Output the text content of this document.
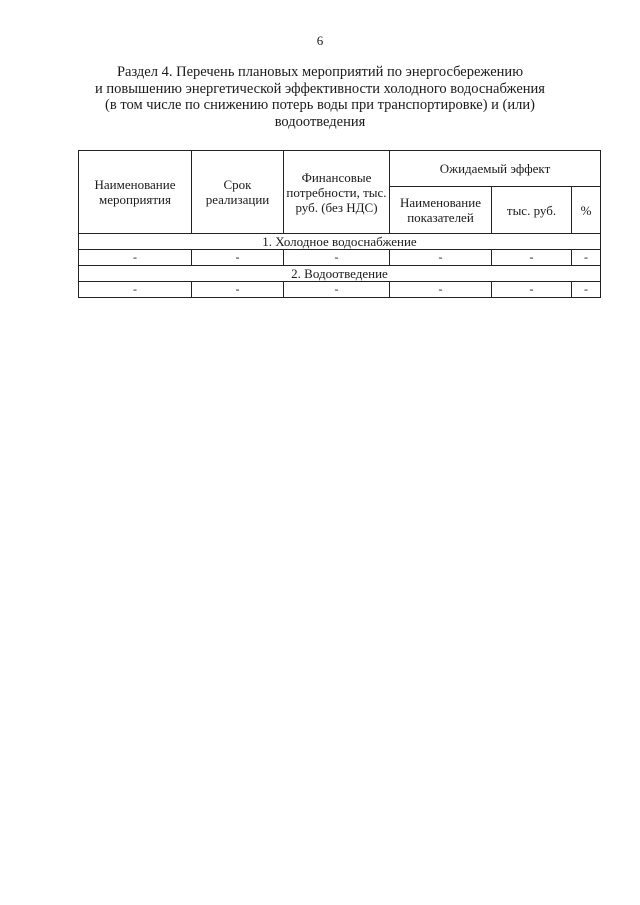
6
Раздел 4. Перечень плановых мероприятий по энергосбережению
и повышению энергетической эффективности холодного водоснабжения
(в том числе по снижению потерь воды при транспортировке) и (или)
водоотведения
Наименование мероприятия	Срок реализации	Финансовые потребности, тыс. руб. (без НДС)	Ожидаемый эффект		
			Наименование показателей	тыс. руб.	%
1. Холодное водоснабжение					
-	-	-	-	-	-
2. Водоотведение					
-	-	-	-	-	-
